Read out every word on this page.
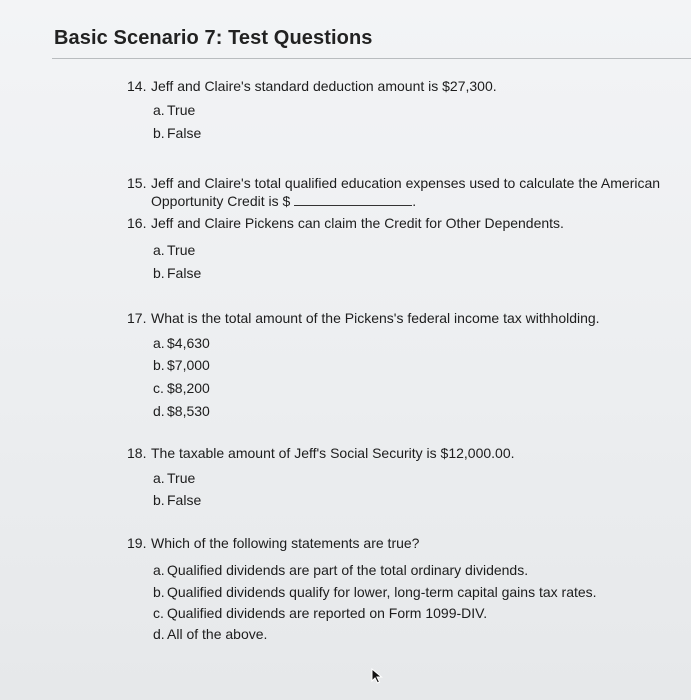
Basic Scenario 7: Test Questions
14. Jeff and Claire's standard deduction amount is $27,300.
a. True
b. False
15. Jeff and Claire's total qualified education expenses used to calculate the American
Opportunity Credit is $	.
16. Jeff and Claire Pickens can claim the Credit for Other Dependents.
a. True
b. False
17. What is the total amount of the Pickens's federal income tax withholding.
a. $4,630
b. $7,000
c. $8,200
d. $8,530
18. The taxable amount of Jeff's Social Security is $12,000.00.
a. True
b. False
19. Which of the following statements are true?
a. Qualified dividends are part of the total ordinary dividends.
b. Qualified dividends qualify for lower, long-term capital gains tax rates.
c. Qualified dividends are reported on Form 1099-DIV.
d. All of the above.
